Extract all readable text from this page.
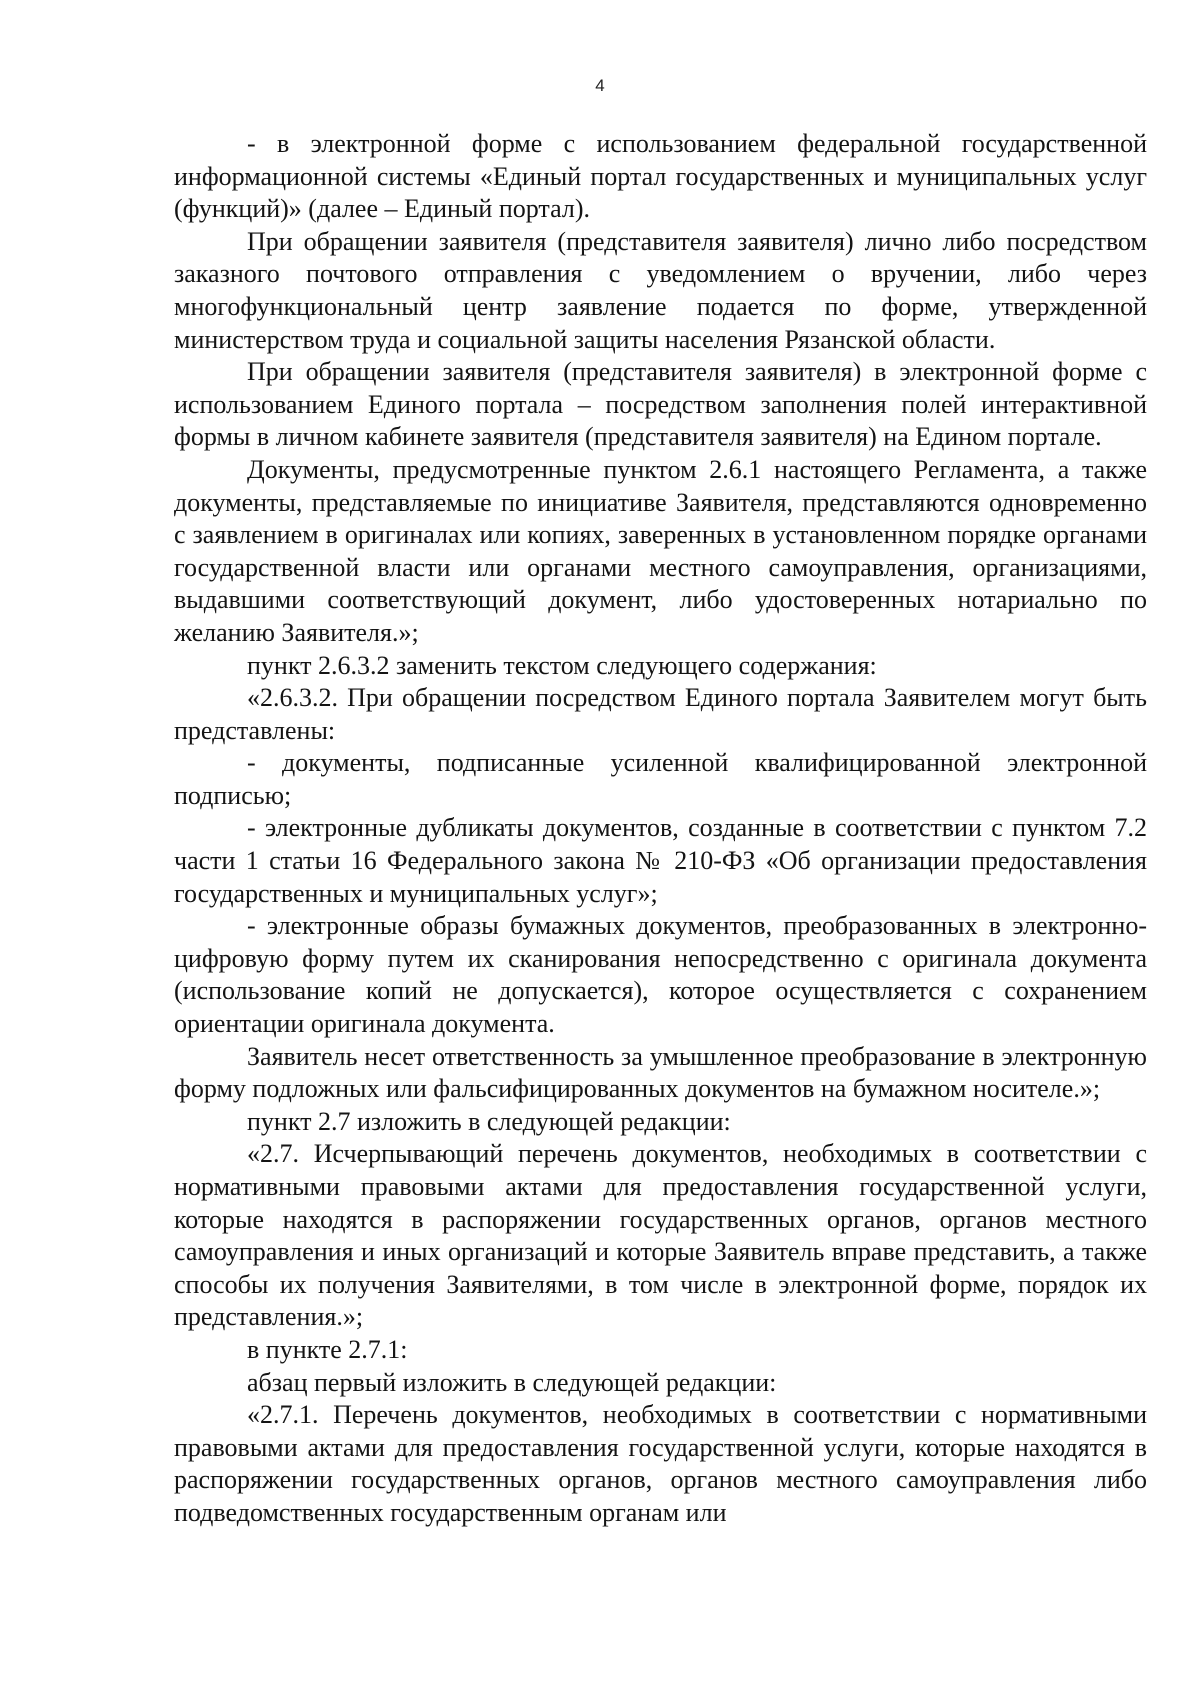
4

- в электронной форме с использованием федеральной государственной информационной системы «Единый портал государственных и муниципальных услуг (функций)» (далее – Единый портал).

При обращении заявителя (представителя заявителя) лично либо посредством заказного почтового отправления с уведомлением о вручении, либо через многофункциональный центр заявление подается по форме, утвержденной министерством труда и социальной защиты населения Рязанской области.

При обращении заявителя (представителя заявителя) в электронной форме с использованием Единого портала – посредством заполнения полей интерактивной формы в личном кабинете заявителя (представителя заявителя) на Едином портале.

Документы, предусмотренные пунктом 2.6.1 настоящего Регламента, а также документы, представляемые по инициативе Заявителя, представляются одновременно с заявлением в оригиналах или копиях, заверенных в установленном порядке органами государственной власти или органами местного самоуправления, организациями, выдавшими соответствующий документ, либо удостоверенных нотариально по желанию Заявителя.»;

пункт 2.6.3.2 заменить текстом следующего содержания:

«2.6.3.2. При обращении посредством Единого портала Заявителем могут быть представлены:

- документы, подписанные усиленной квалифицированной электронной подписью;

- электронные дубликаты документов, созданные в соответствии с пунктом 7.2 части 1 статьи 16 Федерального закона № 210-ФЗ «Об организации предоставления государственных и муниципальных услуг»;

- электронные образы бумажных документов, преобразованных в электронно-цифровую форму путем их сканирования непосредственно с оригинала документа (использование копий не допускается), которое осуществляется с сохранением ориентации оригинала документа.

Заявитель несет ответственность за умышленное преобразование в электронную форму подложных или фальсифицированных документов на бумажном носителе.»;

пункт 2.7 изложить в следующей редакции:

«2.7. Исчерпывающий перечень документов, необходимых в соответствии с нормативными правовыми актами для предоставления государственной услуги, которые находятся в распоряжении государственных органов, органов местного самоуправления и иных организаций и которые Заявитель вправе представить, а также способы их получения Заявителями, в том числе в электронной форме, порядок их представления.»;

в пункте 2.7.1:

абзац первый изложить в следующей редакции:

«2.7.1. Перечень документов, необходимых в соответствии с нормативными правовыми актами для предоставления государственной услуги, которые находятся в распоряжении государственных органов, органов местного самоуправления либо подведомственных государственным органам или
